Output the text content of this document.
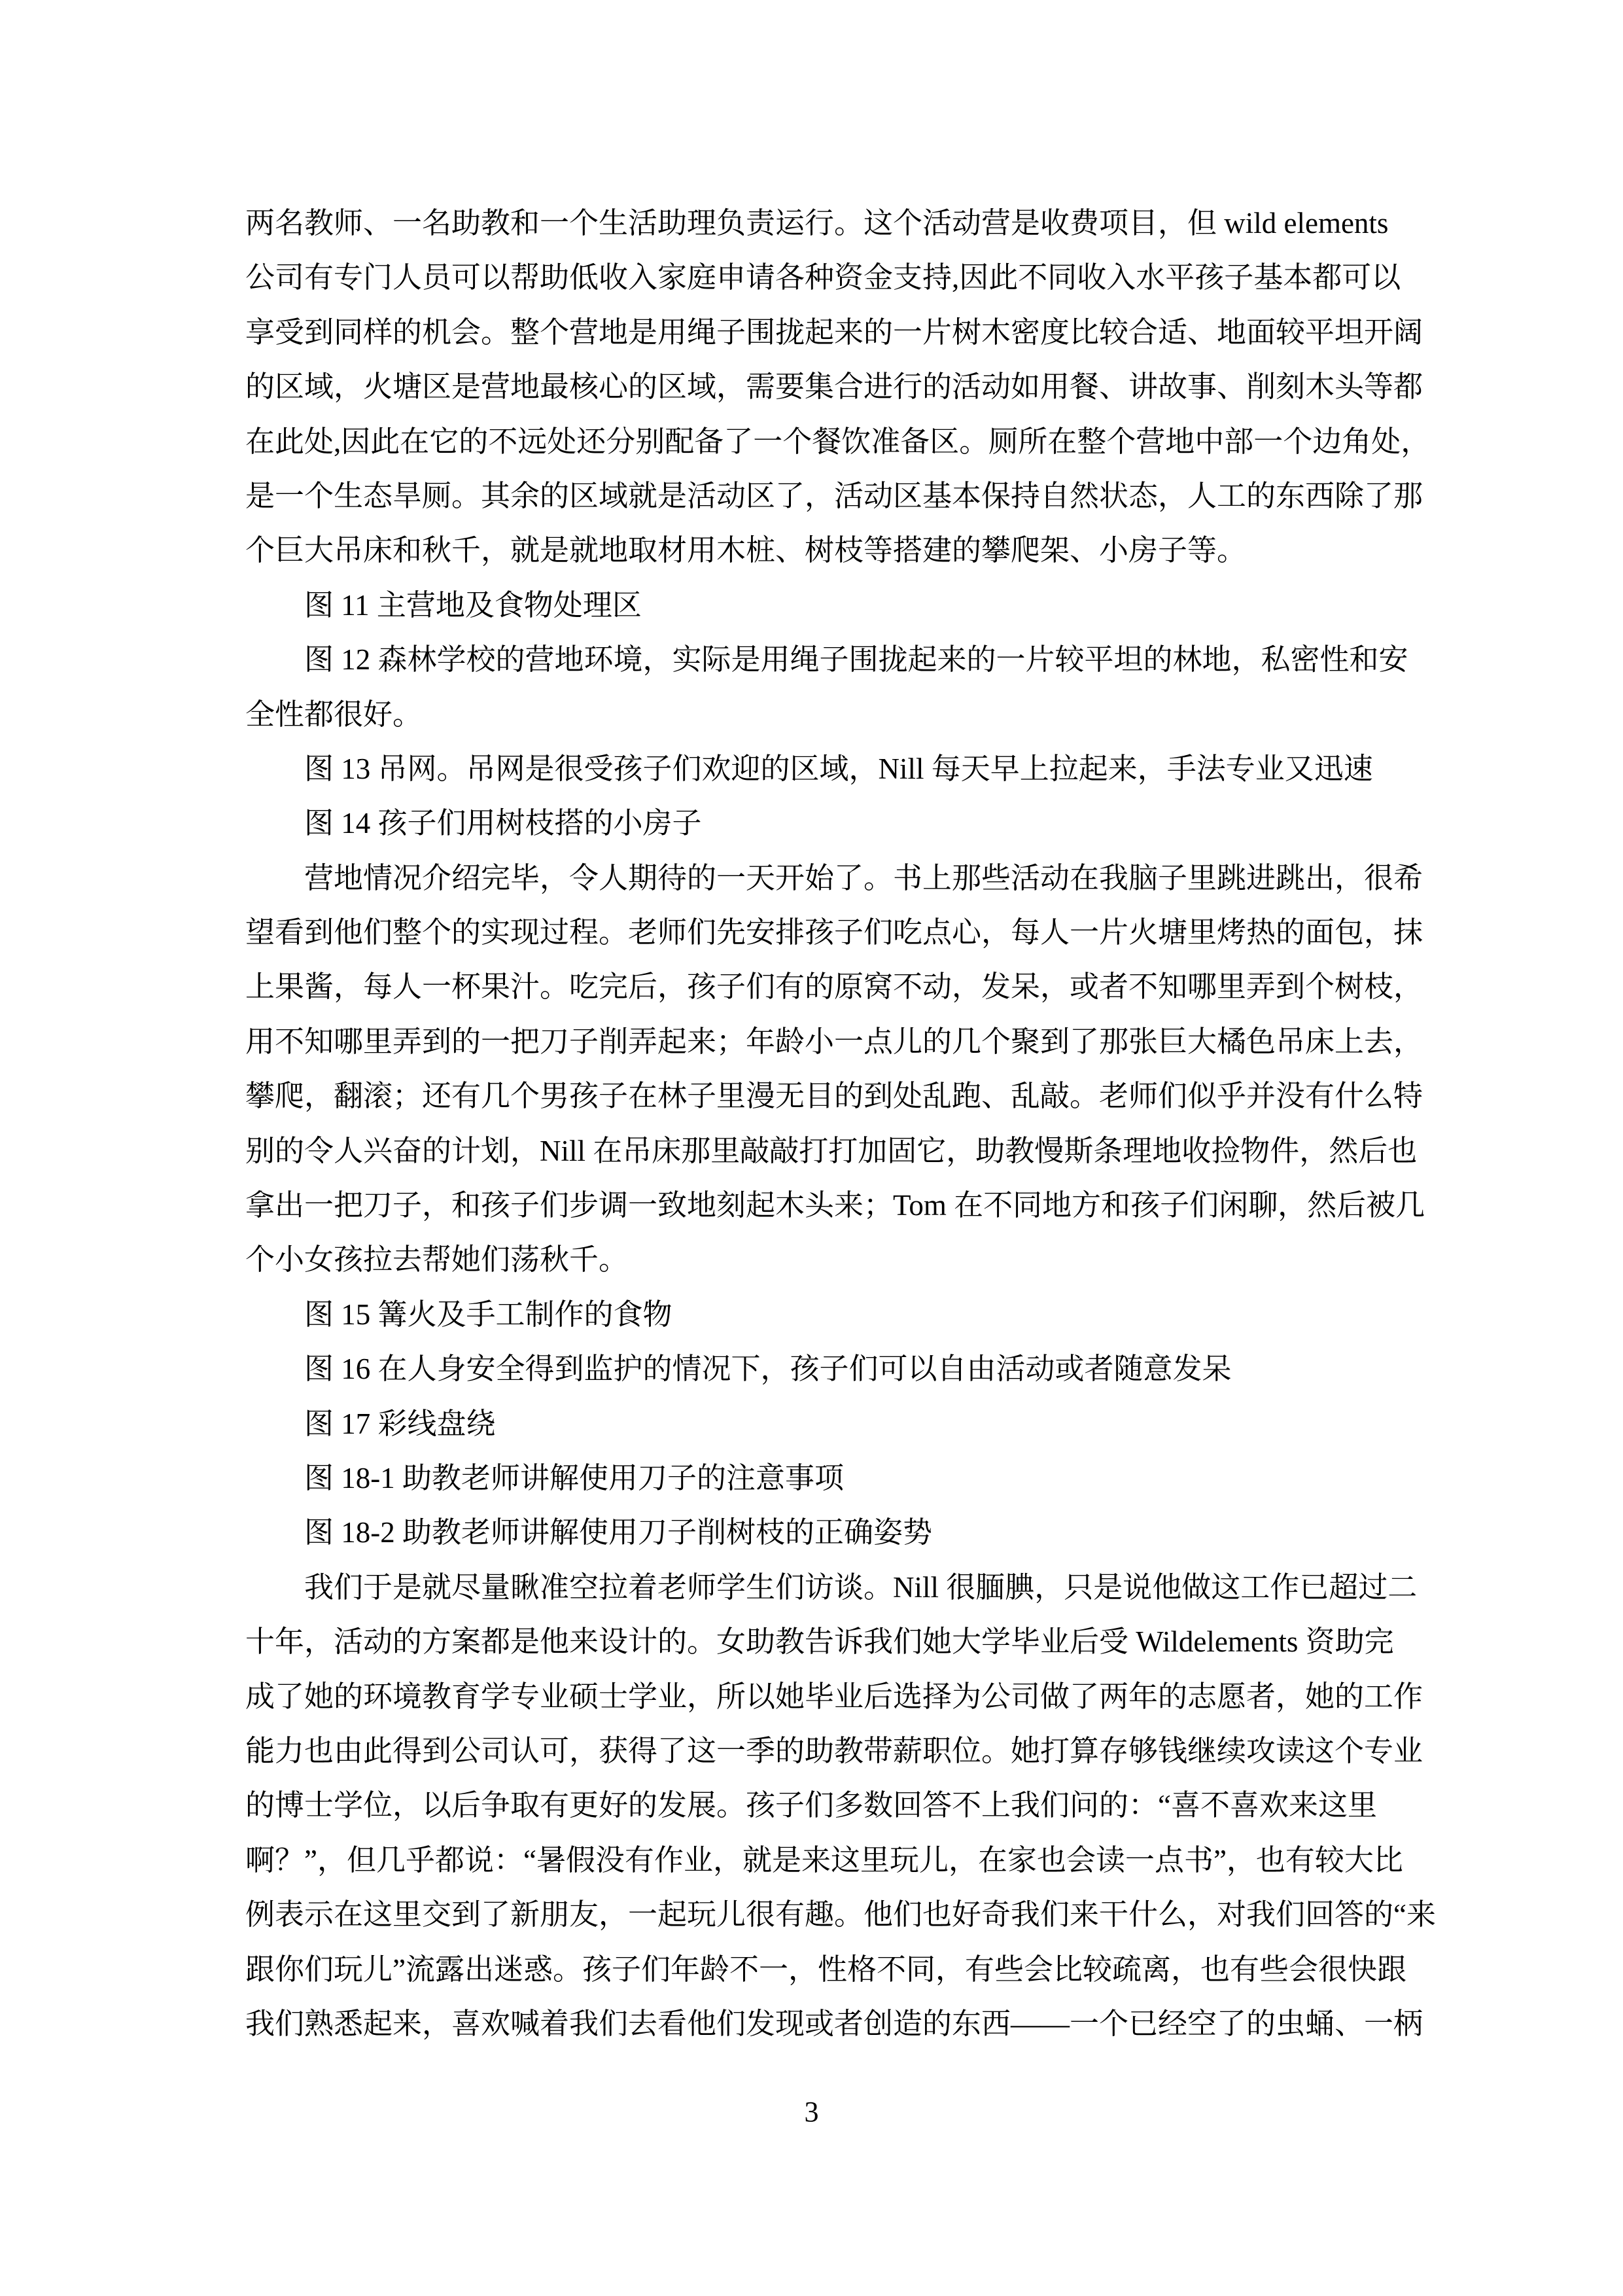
两名教师、一名助教和一个生活助理负责运行。这个活动营是收费项目，但 wild elements
公司有专门人员可以帮助低收入家庭申请各种资金支持,因此不同收入水平孩子基本都可以
享受到同样的机会。整个营地是用绳子围拢起来的一片树木密度比较合适、地面较平坦开阔
的区域，火塘区是营地最核心的区域，需要集合进行的活动如用餐、讲故事、削刻木头等都
在此处,因此在它的不远处还分别配备了一个餐饮准备区。厕所在整个营地中部一个边角处，
是一个生态旱厕。其余的区域就是活动区了，活动区基本保持自然状态，人工的东西除了那
个巨大吊床和秋千，就是就地取材用木桩、树枝等搭建的攀爬架、小房子等。
图 11 主营地及食物处理区
图 12 森林学校的营地环境，实际是用绳子围拢起来的一片较平坦的林地，私密性和安
全性都很好。
图 13 吊网。吊网是很受孩子们欢迎的区域，Nill 每天早上拉起来，手法专业又迅速
图 14 孩子们用树枝搭的小房子
营地情况介绍完毕，令人期待的一天开始了。书上那些活动在我脑子里跳进跳出，很希
望看到他们整个的实现过程。老师们先安排孩子们吃点心，每人一片火塘里烤热的面包，抹
上果酱，每人一杯果汁。吃完后，孩子们有的原窝不动，发呆，或者不知哪里弄到个树枝，
用不知哪里弄到的一把刀子削弄起来；年龄小一点儿的几个聚到了那张巨大橘色吊床上去，
攀爬，翻滚；还有几个男孩子在林子里漫无目的到处乱跑、乱敲。老师们似乎并没有什么特
别的令人兴奋的计划，Nill 在吊床那里敲敲打打加固它，助教慢斯条理地收捡物件，然后也
拿出一把刀子，和孩子们步调一致地刻起木头来；Tom 在不同地方和孩子们闲聊，然后被几
个小女孩拉去帮她们荡秋千。
图 15 篝火及手工制作的食物
图 16 在人身安全得到监护的情况下，孩子们可以自由活动或者随意发呆
图 17 彩线盘绕
图 18-1 助教老师讲解使用刀子的注意事项
图 18-2 助教老师讲解使用刀子削树枝的正确姿势
我们于是就尽量瞅准空拉着老师学生们访谈。Nill 很腼腆，只是说他做这工作已超过二
十年，活动的方案都是他来设计的。女助教告诉我们她大学毕业后受 Wildelements 资助完
成了她的环境教育学专业硕士学业，所以她毕业后选择为公司做了两年的志愿者，她的工作
能力也由此得到公司认可，获得了这一季的助教带薪职位。她打算存够钱继续攻读这个专业
的博士学位，以后争取有更好的发展。孩子们多数回答不上我们问的：“喜不喜欢来这里
啊？”，但几乎都说：“暑假没有作业，就是来这里玩儿，在家也会读一点书”，也有较大比
例表示在这里交到了新朋友，一起玩儿很有趣。他们也好奇我们来干什么，对我们回答的“来
跟你们玩儿”流露出迷惑。孩子们年龄不一，性格不同，有些会比较疏离，也有些会很快跟
我们熟悉起来，喜欢喊着我们去看他们发现或者创造的东西——一个已经空了的虫蛹、一柄
3
